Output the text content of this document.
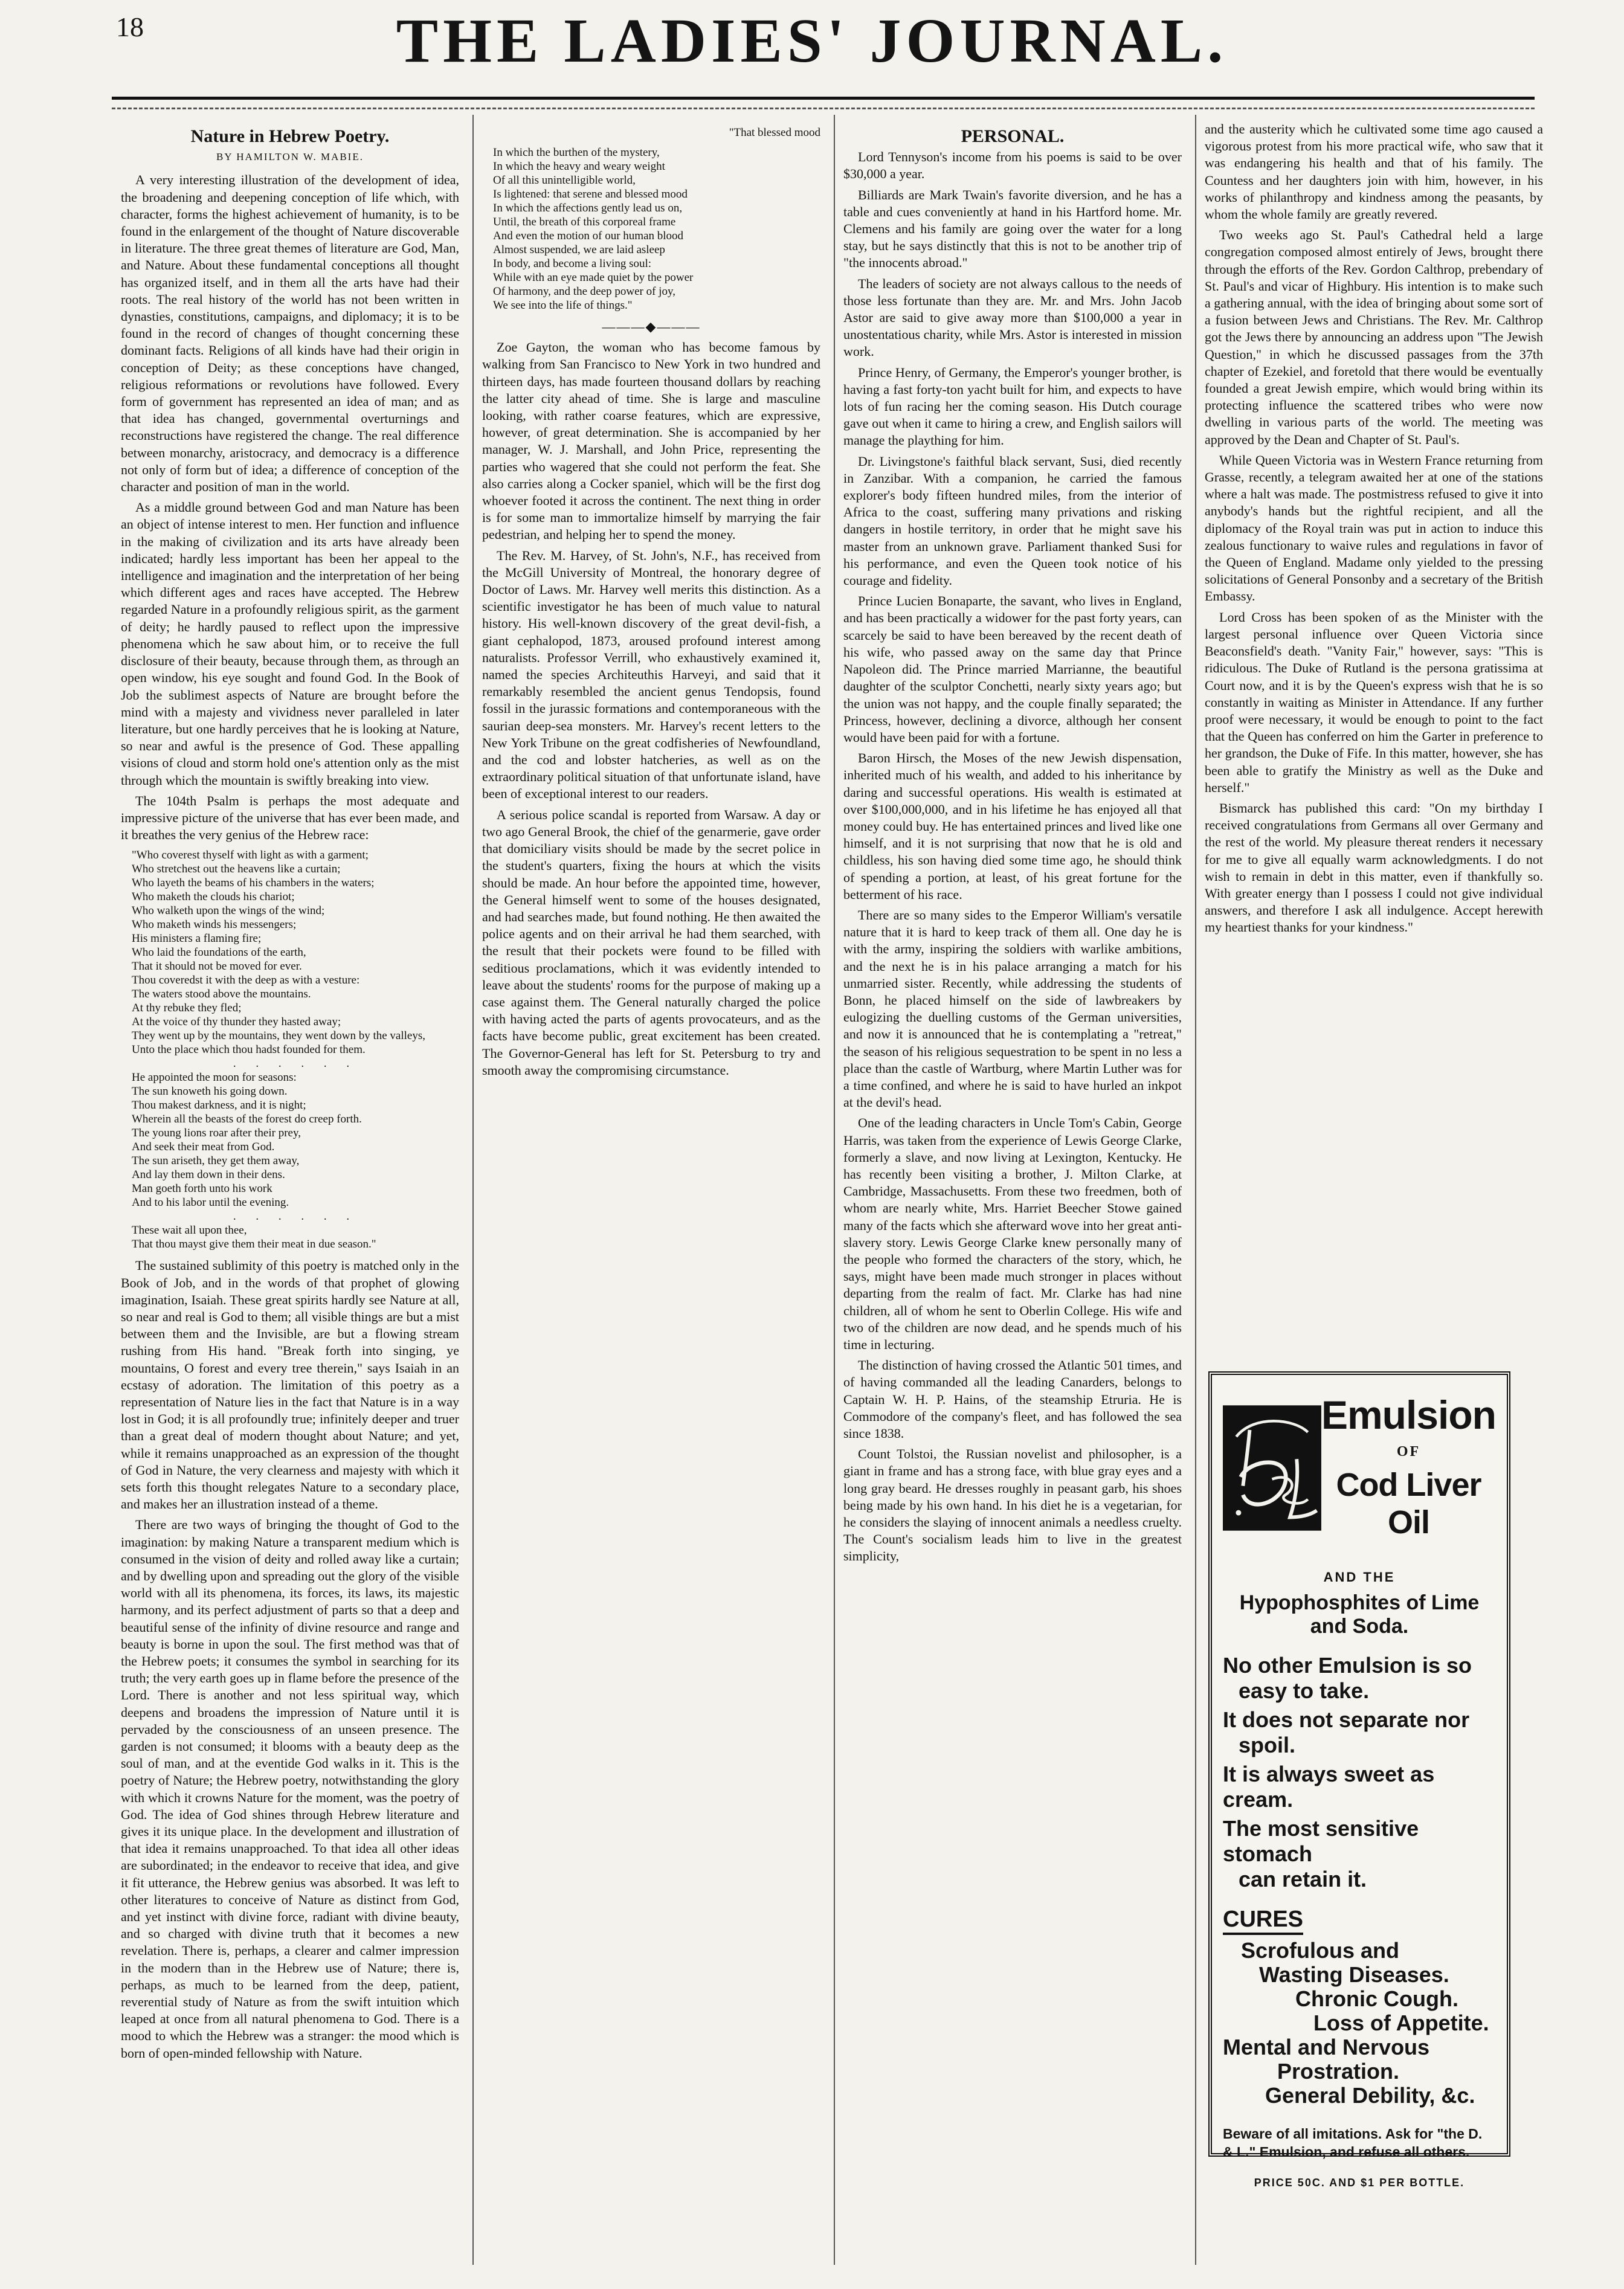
18	THE LADIES' JOURNAL.
Nature in Hebrew Poetry.
BY HAMILTON W. MABIE.

A very interesting illustration of the development of idea, the broadening and deepening conception of life which, with character, forms the highest achievement of humanity, is to be found in the enlargement of the thought of Nature discoverable in literature. The three great themes of literature are God, Man, and Nature. About these fundamental conceptions all thought has organized itself, and in them all the arts have had their roots. The real history of the world has not been written in dynasties, constitutions, campaigns, and diplomacy; it is to be found in the record of changes of thought concerning these dominant facts. Religions of all kinds have had their origin in conception of Deity; as these conceptions have changed, religious reformations or revolutions have followed. Every form of government has represented an idea of man; and as that idea has changed, governmental overturnings and reconstructions have registered the change. The real difference between monarchy, aristocracy, and democracy is a difference not only of form but of idea; a difference of conception of the character and position of man in the world.

As a middle ground between God and man Nature has been an object of intense interest to men. Her function and influence in the making of civilization and its arts have already been indicated; hardly less important has been her appeal to the intelligence and imagination and the interpretation of her being which different ages and races have accepted. The Hebrew regarded Nature in a profoundly religious spirit, as the garment of deity; he hardly paused to reflect upon the impressive phenomena which he saw about him, or to receive the full disclosure of their beauty, because through them, as through an open window, his eye sought and found God. In the Book of Job the sublimest aspects of Nature are brought before the mind with a majesty and vividness never paralleled in later literature, but one hardly perceives that he is looking at Nature, so near and awful is the presence of God. These appalling visions of cloud and storm hold one's attention only as the mist through which the mountain is swiftly breaking into view.

The 104th Psalm is perhaps the most adequate and impressive picture of the universe that has ever been made, and it breathes the very genius of the Hebrew race:

"Who coverest thyself with light as with a garment;
Who stretchest out the heavens like a curtain;
Who layeth the beams of his chambers in the waters;
Who maketh the clouds his chariot;
Who walketh upon the wings of the wind;
Who maketh winds his messengers;
His ministers a flaming fire;
Who laid the foundations of the earth,
That it should not be moved for ever.
Thou coveredst it with the deep as with a vesture:
The waters stood above the mountains.
At thy rebuke they fled;
At the voice of thy thunder they hasted away;
They went up by the mountains, they went down by the valleys,
Unto the place which thou hadst founded for them.
. . . . . .
He appointed the moon for seasons:
The sun knoweth his going down.
Thou makest darkness, and it is night;
Wherein all the beasts of the forest do creep forth.
The young lions roar after their prey,
And seek their meat from God.
The sun ariseth, they get them away,
And lay them down in their dens.
Man goeth forth unto his work
And to his labor until the evening.
. . . . . .
These wait all upon thee,
That thou mayst give them their meat in due season."

The sustained sublimity of this poetry is matched only in the Book of Job, and in the words of that prophet of glowing imagination, Isaiah. These great spirits hardly see Nature at all, so near and real is God to them; all visible things are but a mist between them and the Invisible, are but a flowing stream rushing from His hand. "Break forth into singing, ye mountains, O forest and every tree therein," says Isaiah in an ecstasy of adoration. The limitation of this poetry as a representation of Nature lies in the fact that Nature is in a way lost in God; it is all profoundly true; infinitely deeper and truer than a great deal of modern thought about Nature; and yet, while it remains unapproached as an expression of the thought of God in Nature, the very clearness and majesty with which it sets forth this thought relegates Nature to a secondary place, and makes her an illustration instead of a theme.

There are two ways of bringing the thought of God to the imagination: by making Nature a transparent medium which is consumed in the vision of deity and rolled away like a curtain; and by dwelling upon and spreading out the glory of the visible world with all its phenomena, its forces, its laws, its majestic harmony, and its perfect adjustment of parts so that a deep and beautiful sense of the infinity of divine resource and range and beauty is borne in upon the soul. The first method was that of the Hebrew poets; it consumes the symbol in searching for its truth; the very earth goes up in flame before the presence of the Lord. There is another and not less spiritual way, which deepens and broadens the impression of Nature until it is pervaded by the consciousness of an unseen presence. The garden is not consumed; it blooms with a beauty deep as the soul of man, and at the eventide God walks in it. This is the poetry of Nature; the Hebrew poetry, notwithstanding the glory with which it crowns Nature for the moment, was the poetry of God. The idea of God shines through Hebrew literature and gives it its unique place. In the development and illustration of that idea it remains unapproached. To that idea all other ideas are subordinated; in the endeavor to receive that idea, and give it fit utterance, the Hebrew genius was absorbed. It was left to other literatures to conceive of Nature as distinct from God, and yet instinct with divine force, radiant with divine beauty, and so charged with divine truth that it becomes a new revelation. There is, perhaps, a clearer and calmer impression in the modern than in the Hebrew use of Nature; there is, perhaps, as much to be learned from the deep, patient, reverential study of Nature as from the swift intuition which leaped at once from all natural phenomena to God. There is a mood to which the Hebrew was a stranger: the mood which is born of open-minded fellowship with Nature.

"That blessed mood
In which the burthen of the mystery,
In which the heavy and weary weight
Of all this unintelligible world,
Is lightened: that serene and blessed mood
In which the affections gently lead us on,
Until, the breath of this corporeal frame
And even the motion of our human blood
Almost suspended, we are laid asleep
In body, and become a living soul:
While with an eye made quiet by the power
Of harmony, and the deep power of joy,
We see into the life of things."
———◆———

Zoe Gayton, the woman who has become famous by walking from San Francisco to New York in two hundred and thirteen days, has made fourteen thousand dollars by reaching the latter city ahead of time. She is large and masculine looking, with rather coarse features, which are expressive, however, of great determination. She is accompanied by her manager, W. J. Marshall, and John Price, representing the parties who wagered that she could not perform the feat. She also carries along a Cocker spaniel, which will be the first dog whoever footed it across the continent. The next thing in order is for some man to immortalize himself by marrying the fair pedestrian, and helping her to spend the money.

The Rev. M. Harvey, of St. John's, N.F., has received from the McGill University of Montreal, the honorary degree of Doctor of Laws. Mr. Harvey well merits this distinction. As a scientific investigator he has been of much value to natural history. His well-known discovery of the great devil-fish, a giant cephalopod, 1873, aroused profound interest among naturalists. Professor Verrill, who exhaustively examined it, named the species Architeuthis Harveyi, and said that it remarkably resembled the ancient genus Tendopsis, found fossil in the jurassic formations and contemporaneous with the saurian deep-sea monsters. Mr. Harvey's recent letters to the New York Tribune on the great codfisheries of Newfoundland, and the cod and lobster hatcheries, as well as on the extraordinary political situation of that unfortunate island, have been of exceptional interest to our readers.

A serious police scandal is reported from Warsaw. A day or two ago General Brook, the chief of the genarmerie, gave order that domiciliary visits should be made by the secret police in the student's quarters, fixing the hours at which the visits should be made. An hour before the appointed time, however, the General himself went to some of the houses designated, and had searches made, but found nothing. He then awaited the police agents and on their arrival he had them searched, with the result that their pockets were found to be filled with seditious proclamations, which it was evidently intended to leave about the students' rooms for the purpose of making up a case against them. The General naturally charged the police with having acted the parts of agents provocateurs, and as the facts have become public, great excitement has been created. The Governor-General has left for St. Petersburg to try and smooth away the compromising circumstance.

PERSONAL.

Lord Tennyson's income from his poems is said to be over $30,000 a year.

Billiards are Mark Twain's favorite diversion, and he has a table and cues conveniently at hand in his Hartford home. Mr. Clemens and his family are going over the water for a long stay, but he says distinctly that this is not to be another trip of "the innocents abroad."

The leaders of society are not always callous to the needs of those less fortunate than they are. Mr. and Mrs. John Jacob Astor are said to give away more than $100,000 a year in unostentatious charity, while Mrs. Astor is interested in mission work.

Prince Henry, of Germany, the Emperor's younger brother, is having a fast forty-ton yacht built for him, and expects to have lots of fun racing her the coming season. His Dutch courage gave out when it came to hiring a crew, and English sailors will manage the plaything for him.

Dr. Livingstone's faithful black servant, Susi, died recently in Zanzibar. With a companion, he carried the famous explorer's body fifteen hundred miles, from the interior of Africa to the coast, suffering many privations and risking dangers in hostile territory, in order that he might save his master from an unknown grave. Parliament thanked Susi for his performance, and even the Queen took notice of his courage and fidelity.

Prince Lucien Bonaparte, the savant, who lives in England, and has been practically a widower for the past forty years, can scarcely be said to have been bereaved by the recent death of his wife, who passed away on the same day that Prince Napoleon did. The Prince married Marrianne, the beautiful daughter of the sculptor Conchetti, nearly sixty years ago; but the union was not happy, and the couple finally separated; the Princess, however, declining a divorce, although her consent would have been paid for with a fortune.

Baron Hirsch, the Moses of the new Jewish dispensation, inherited much of his wealth, and added to his inheritance by daring and successful operations. His wealth is estimated at over $100,000,000, and in his lifetime he has enjoyed all that money could buy. He has entertained princes and lived like one himself, and it is not surprising that now that he is old and childless, his son having died some time ago, he should think of spending a portion, at least, of his great fortune for the betterment of his race.

There are so many sides to the Emperor William's versatile nature that it is hard to keep track of them all. One day he is with the army, inspiring the soldiers with warlike ambitions, and the next he is in his palace arranging a match for his unmarried sister. Recently, while addressing the students of Bonn, he placed himself on the side of lawbreakers by eulogizing the duelling customs of the German universities, and now it is announced that he is contemplating a "retreat," the season of his religious sequestration to be spent in no less a place than the castle of Wartburg, where Martin Luther was for a time confined, and where he is said to have hurled an inkpot at the devil's head.

One of the leading characters in Uncle Tom's Cabin, George Harris, was taken from the experience of Lewis George Clarke, formerly a slave, and now living at Lexington, Kentucky. He has recently been visiting a brother, J. Milton Clarke, at Cambridge, Massachusetts. From these two freedmen, both of whom are nearly white, Mrs. Harriet Beecher Stowe gained many of the facts which she afterward wove into her great anti-slavery story. Lewis George Clarke knew personally many of the people who formed the characters of the story, which, he says, might have been made much stronger in places without departing from the realm of fact. Mr. Clarke has had nine children, all of whom he sent to Oberlin College. His wife and two of the children are now dead, and he spends much of his time in lecturing.

The distinction of having crossed the Atlantic 501 times, and of having commanded all the leading Canarders, belongs to Captain W. H. P. Hains, of the steamship Etruria. He is Commodore of the company's fleet, and has followed the sea since 1838.

Count Tolstoi, the Russian novelist and philosopher, is a giant in frame and has a strong face, with blue gray eyes and a long gray beard. He dresses roughly in peasant garb, his shoes being made by his own hand. In his diet he is a vegetarian, for he considers the slaying of innocent animals a needless cruelty. The Count's socialism leads him to live in the greatest simplicity,

and the austerity which he cultivated some time ago caused a vigorous protest from his more practical wife, who saw that it was endangering his health and that of his family. The Countess and her daughters join with him, however, in his works of philanthropy and kindness among the peasants, by whom the whole family are greatly revered.

Two weeks ago St. Paul's Cathedral held a large congregation composed almost entirely of Jews, brought there through the efforts of the Rev. Gordon Calthrop, prebendary of St. Paul's and vicar of Highbury. His intention is to make such a gathering annual, with the idea of bringing about some sort of a fusion between Jews and Christians. The Rev. Mr. Calthrop got the Jews there by announcing an address upon "The Jewish Question," in which he discussed passages from the 37th chapter of Ezekiel, and foretold that there would be eventually founded a great Jewish empire, which would bring within its protecting influence the scattered tribes who were now dwelling in various parts of the world. The meeting was approved by the Dean and Chapter of St. Paul's.

While Queen Victoria was in Western France returning from Grasse, recently, a telegram awaited her at one of the stations where a halt was made. The postmistress refused to give it into anybody's hands but the rightful recipient, and all the diplomacy of the Royal train was put in action to induce this zealous functionary to waive rules and regulations in favor of the Queen of England. Madame only yielded to the pressing solicitations of General Ponsonby and a secretary of the British Embassy.

Lord Cross has been spoken of as the Minister with the largest personal influence over Queen Victoria since Beaconsfield's death. "Vanity Fair," however, says: "This is ridiculous. The Duke of Rutland is the persona gratissima at Court now, and it is by the Queen's express wish that he is so constantly in waiting as Minister in Attendance. If any further proof were necessary, it would be enough to point to the fact that the Queen has conferred on him the Garter in preference to her grandson, the Duke of Fife. In this matter, however, she has been able to gratify the Ministry as well as the Duke and herself."

Bismarck has published this card: "On my birthday I received congratulations from Germans all over Germany and the rest of the world. My pleasure thereat renders it necessary for me to give all equally warm acknowledgments. I do not wish to remain in debt in this matter, even if thankfully so. With greater energy than I possess I could not give individual answers, and therefore I ask all indulgence. Accept herewith my heartiest thanks for your kindness."

Emulsion
OF
Cod Liver Oil
AND THE
Hypophosphites of Lime and Soda.
No other Emulsion is so
easy to take.
It does not separate nor
spoil.
It is always sweet as cream.
The most sensitive stomach
can retain it.
CURES
Scrofulous and
Wasting Diseases.
Chronic Cough.
Loss of Appetite.
Mental and Nervous
Prostration.
General Debility, &c.
Beware of all imitations. Ask for "the D. & L." Emulsion, and refuse all others.
PRICE 50C. AND $1 PER BOTTLE.
